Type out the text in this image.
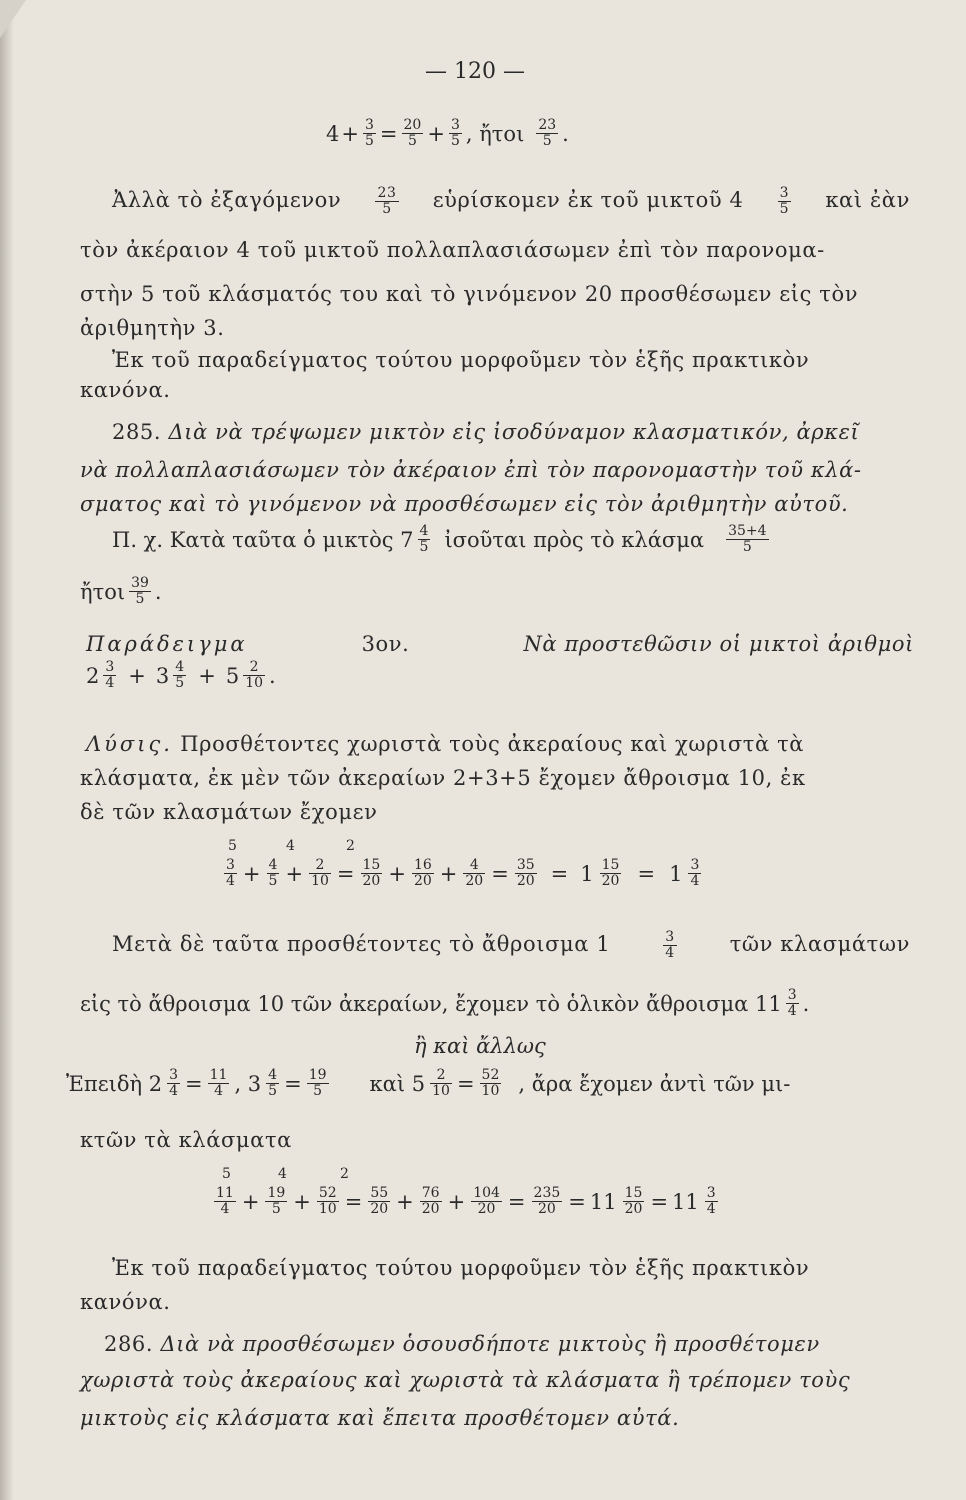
— 120 —
$4 + \frac{3}{5} = \frac{20}{5} + \frac{3}{5}$ , ἤτοι 23
5 .
Ἀλλὰ τὸ ἐξαγόμενον	23
5	εὑρίσκομεν ἐκ τοῦ μικτοῦ 4	3
5 καὶ ἐὰν
τὸν ἀκέραιον 4 τοῦ μικτοῦ πολλαπλασιάσωμεν ἐπὶ τὸν παρονομα-
στὴν 5 τοῦ κλάσματός του καὶ τὸ γινόμενον 20 προσθέσωμεν εἰς τὸν
ἀριθμητὴν 3.
Ἐκ τοῦ παραδείγματος τούτου μορφοῦμεν τὸν ἑξῆς πρακτικὸν
κανόνα.
285. Διὰ νὰ τρέψωμεν μικτὸν εἰς ἰσοδύναμον κλασματικόν, ἀρκεῖ
νὰ πολλαπλασιάσωμεν τὸν ἀκέραιον ἐπὶ τὸν παρονομαστὴν τοῦ κλά-
σματος καὶ τὸ γινόμενον νὰ προσθέσωμεν εἰς τὸν ἀριθμητὴν αὐτοῦ.
Π. χ. Κατὰ ταῦτα ὁ μικτὸς 7 4
5 ἰσοῦται πρὸς τὸ κλάσμα 35+4
5
ἤτοι 39
5 .
Παράδειγμα	3ον.	Νὰ προστεθῶσιν οἱ μικτοὶ ἀριθμοὶ
2 3
4 + 3 4
5 + 5 2
10 .
Λύσις. Προσθέτοντες χωριστὰ τοὺς ἀκεραίους καὶ χωριστὰ τὰ
κλάσματα, ἐκ μὲν τῶν ἀκεραίων 2+3+5 ἔχομεν ἄθροισμα 10, ἐκ
δὲ τῶν κλασμάτων ἔχομεν
5	4	2
3
$4 + \frac{4}{5} + \frac{2}{10} = \frac{15}{20} + \frac{16}{20} + \frac{4}{20} = \frac{35}{20} = 1 \frac{15}{20} = 1$ 3
4
Μετὰ δὲ ταῦτα προσθέτοντες τὸ ἄθροισμα 1	3
4	τῶν κλασμάτων
εἰς τὸ ἄθροισμα 10 τῶν ἀκεραίων, ἔχομεν τὸ ὁλικὸν ἄθροισμα 11 3
4 .
ἢ καὶ ἄλλως
Ἐπειδὴ $2 \frac{3}{4} = \frac{11}{4}$ , $3 \frac{4}{5} = \frac{19}{5}$ καὶ $5 \frac{2}{10} = \frac{52}{10}$ , ἄρα ἔχομεν ἀντὶ τῶν μι-
κτῶν τὰ κλάσματα
5	4	2
11
$4 + \frac{19}{5} + \frac{52}{10} = \frac{55}{20} + \frac{76}{20} + \frac{104}{20} = \frac{235}{20} = 11 \frac{15}{20} = 11$ 3
4
Ἐκ τοῦ παραδείγματος τούτου μορφοῦμεν τὸν ἑξῆς πρακτικὸν
κανόνα.
286. Διὰ νὰ προσθέσωμεν ὁσουσδήποτε μικτοὺς ἢ προσθέτομεν
χωριστὰ τοὺς ἀκεραίους καὶ χωριστὰ τὰ κλάσματα ἢ τρέπομεν τοὺς
μικτοὺς εἰς κλάσματα καὶ ἔπειτα προσθέτομεν αὐτά.
